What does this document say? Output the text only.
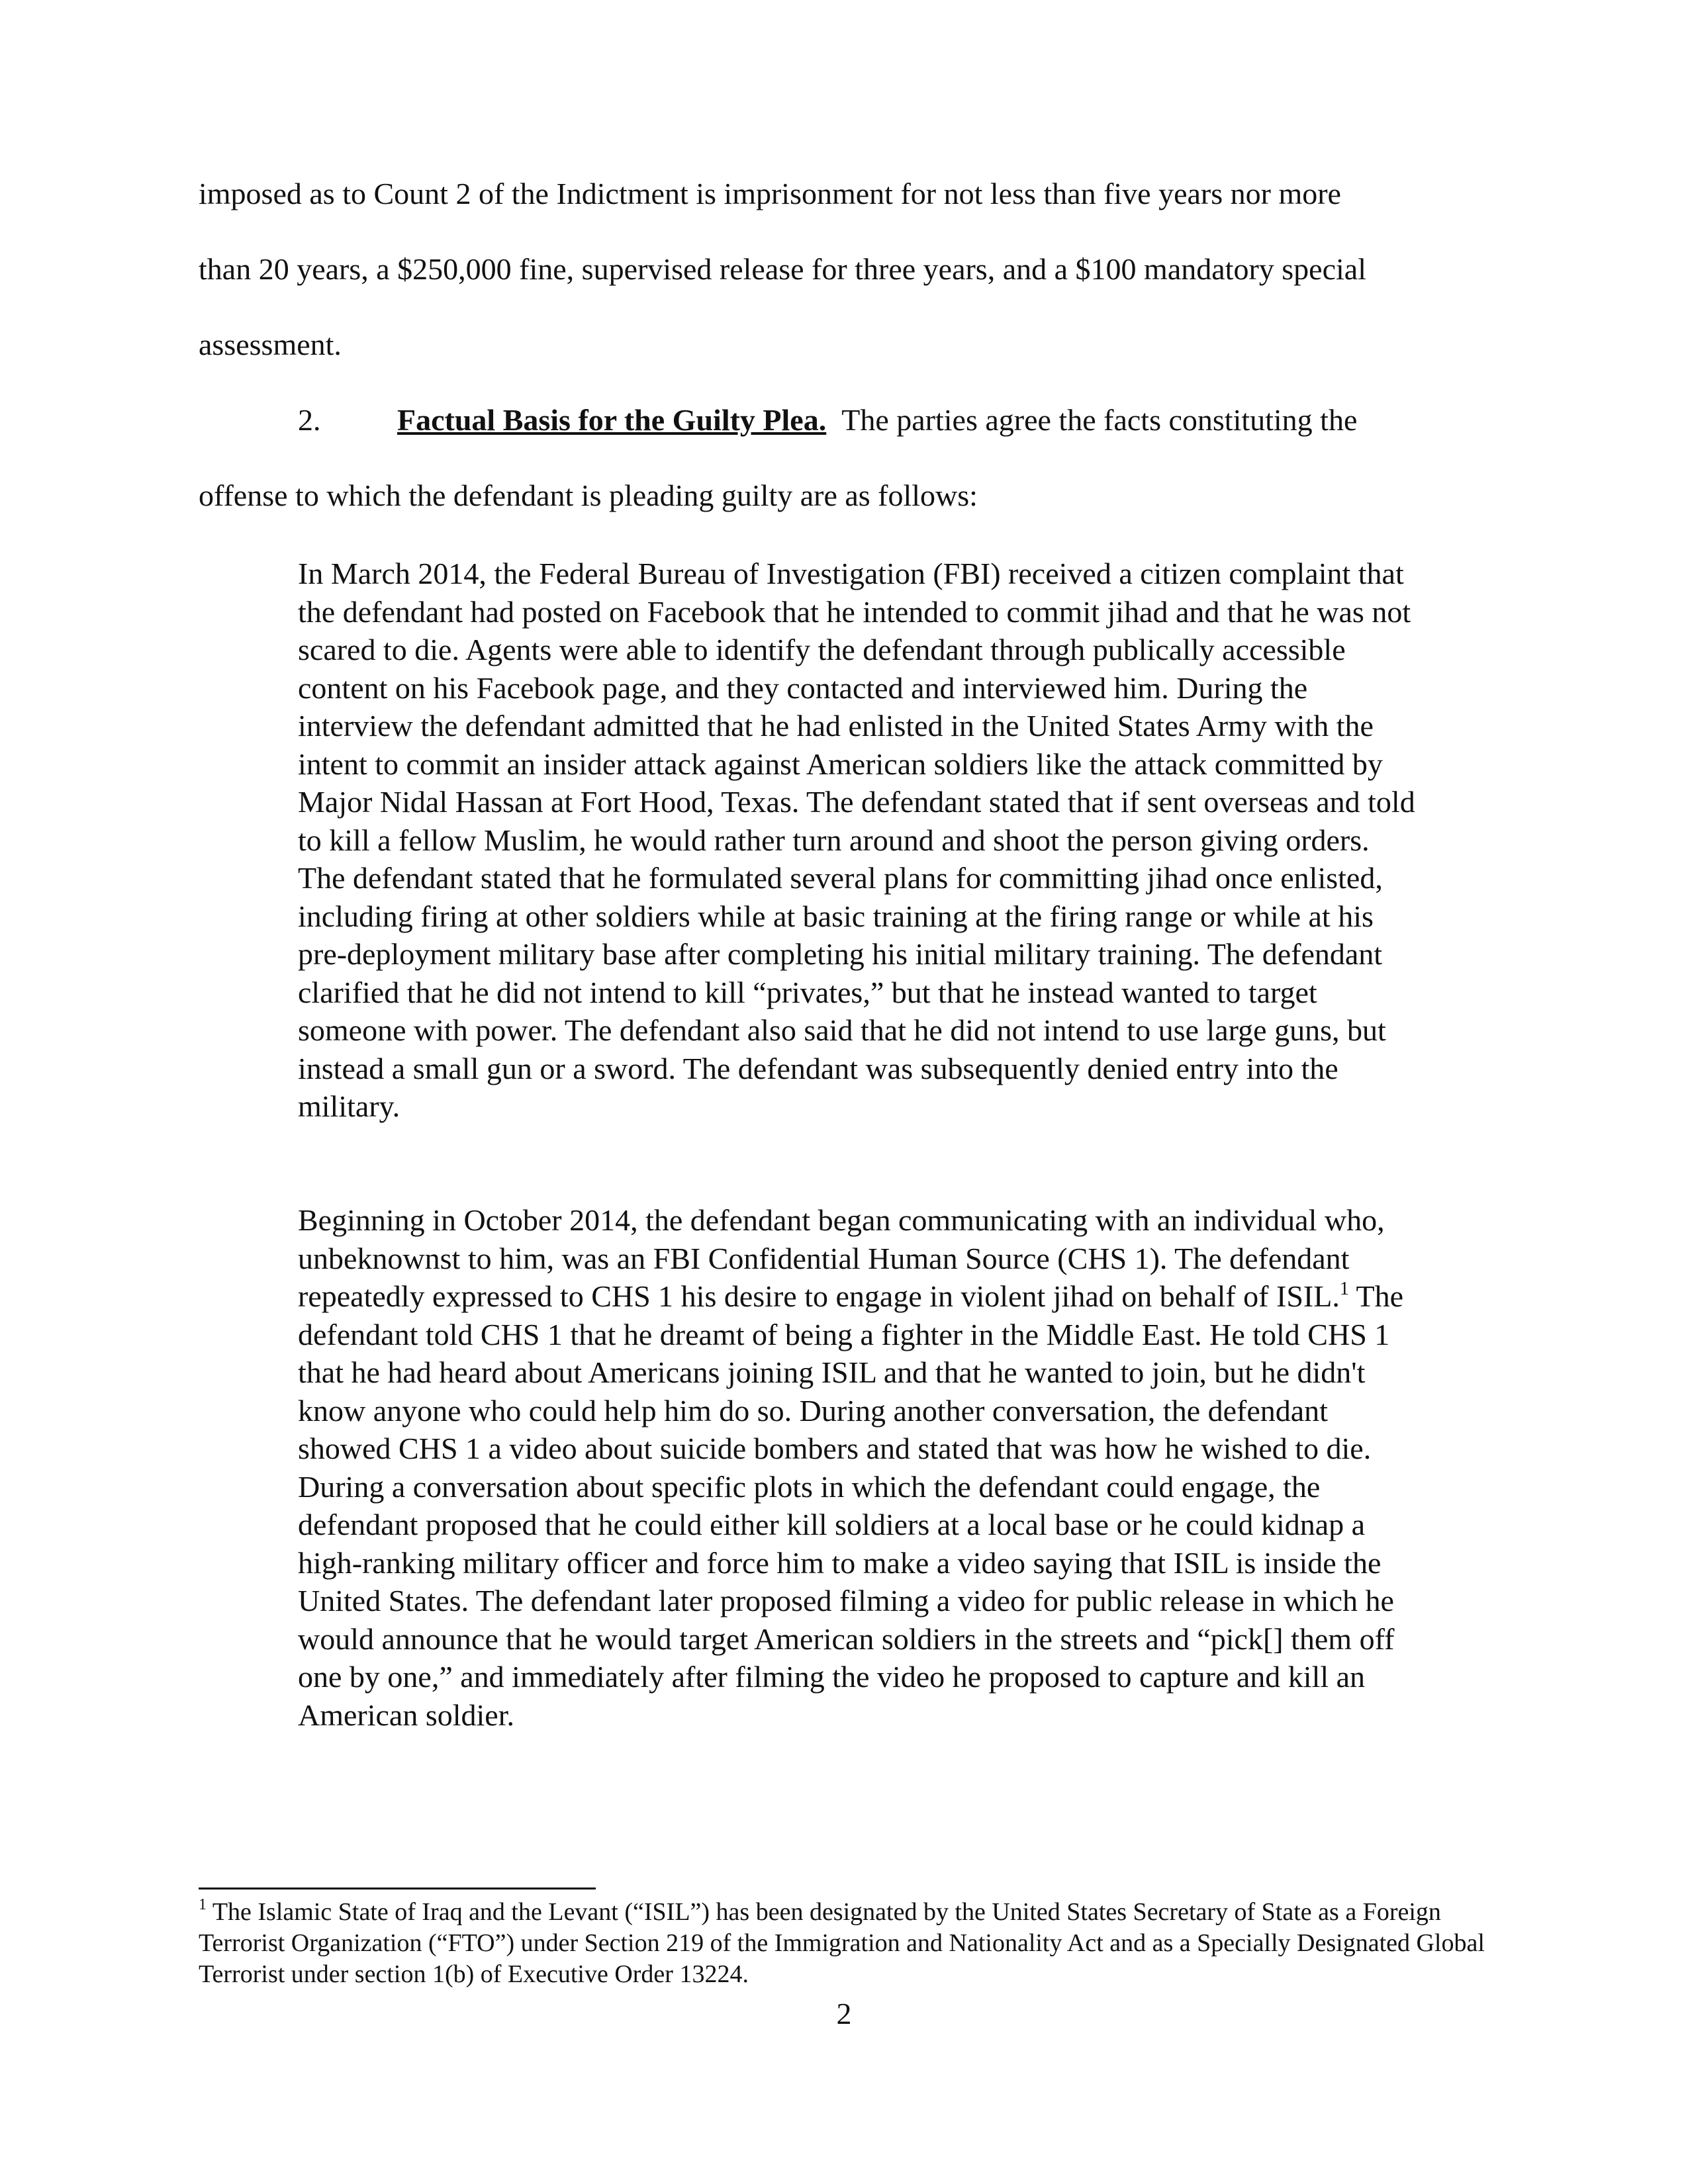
imposed as to Count 2 of the Indictment is imprisonment for not less than five years nor more
than 20 years, a $250,000 fine, supervised release for three years, and a $100 mandatory special
assessment.
2.	Factual Basis for the Guilty Plea. The parties agree the facts constituting the
offense to which the defendant is pleading guilty are as follows:

In March 2014, the Federal Bureau of Investigation (FBI) received a citizen complaint that the defendant had posted on Facebook that he intended to commit jihad and that he was not scared to die. Agents were able to identify the defendant through publically accessible content on his Facebook page, and they contacted and interviewed him. During the interview the defendant admitted that he had enlisted in the United States Army with the intent to commit an insider attack against American soldiers like the attack committed by Major Nidal Hassan at Fort Hood, Texas. The defendant stated that if sent overseas and told to kill a fellow Muslim, he would rather turn around and shoot the person giving orders. The defendant stated that he formulated several plans for committing jihad once enlisted, including firing at other soldiers while at basic training at the firing range or while at his pre-deployment military base after completing his initial military training. The defendant clarified that he did not intend to kill “privates,” but that he instead wanted to target someone with power. The defendant also said that he did not intend to use large guns, but instead a small gun or a sword. The defendant was subsequently denied entry into the military.

Beginning in October 2014, the defendant began communicating with an individual who, unbeknownst to him, was an FBI Confidential Human Source (CHS 1). The defendant repeatedly expressed to CHS 1 his desire to engage in violent jihad on behalf of ISIL.$^1$ The defendant told CHS 1 that he dreamt of being a fighter in the Middle East. He told CHS 1 that he had heard about Americans joining ISIL and that he wanted to join, but he didn't know anyone who could help him do so. During another conversation, the defendant showed CHS 1 a video about suicide bombers and stated that was how he wished to die. During a conversation about specific plots in which the defendant could engage, the defendant proposed that he could either kill soldiers at a local base or he could kidnap a high-ranking military officer and force him to make a video saying that ISIL is inside the United States. The defendant later proposed filming a video for public release in which he would announce that he would target American soldiers in the streets and “pick[] them off one by one,” and immediately after filming the video he proposed to capture and kill an American soldier.

$^1$ The Islamic State of Iraq and the Levant (“ISIL”) has been designated by the United States Secretary of State as a Foreign Terrorist Organization (“FTO”) under Section 219 of the Immigration and Nationality Act and as a Specially Designated Global Terrorist under section 1(b) of Executive Order 13224.

2
